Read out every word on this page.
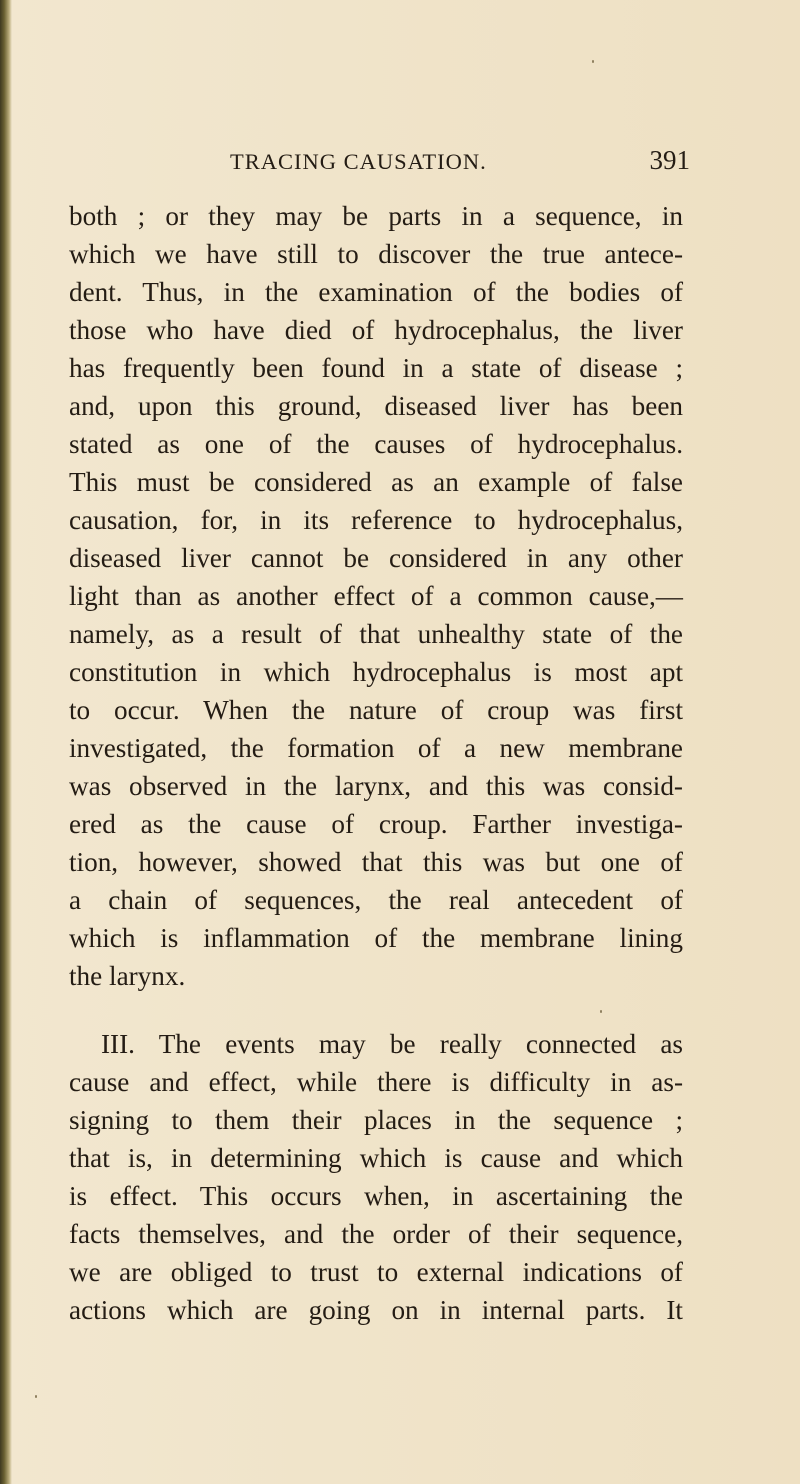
TRACING CAUSATION.	391
both ; or they may be parts in a sequence, in
which we have still to discover the true antece-
dent. Thus, in the examination of the bodies of
those who have died of hydrocephalus, the liver
has frequently been found in a state of disease ;
and, upon this ground, diseased liver has been
stated as one of the causes of hydrocephalus.
This must be considered as an example of false
causation, for, in its reference to hydrocephalus,
diseased liver cannot be considered in any other
light than as another effect of a common cause,—
namely, as a result of that unhealthy state of the
constitution in which hydrocephalus is most apt
to occur. When the nature of croup was first
investigated, the formation of a new membrane
was observed in the larynx, and this was consid-
ered as the cause of croup. Farther investiga-
tion, however, showed that this was but one of
a chain of sequences, the real antecedent of
which is inflammation of the membrane lining
the larynx.
III. The events may be really connected as
cause and effect, while there is difficulty in as-
signing to them their places in the sequence ;
that is, in determining which is cause and which
is effect. This occurs when, in ascertaining the
facts themselves, and the order of their sequence,
we are obliged to trust to external indications of
actions which are going on in internal parts. It
